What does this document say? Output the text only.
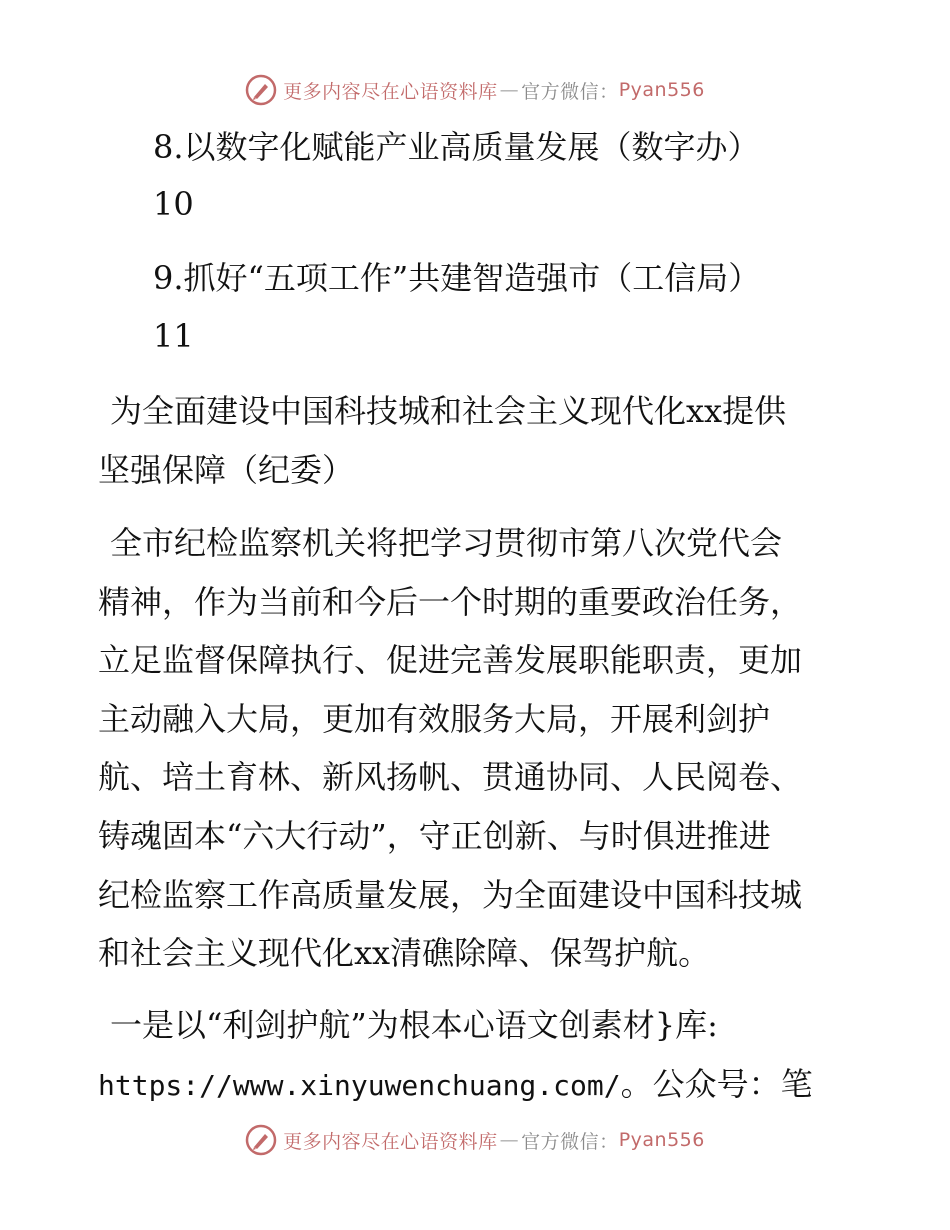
更多内容尽在心语资料库 — 官方微信： Pyan556
8.以数字化赋能产业高质量发展（数字办）
10
9.抓好“五项工作”共建智造强市（工信局）
11
为全面建设中国科技城和社会主义现代化xx提供
坚强保障（纪委）
全市纪检监察机关将把学习贯彻市第八次党代会
精神，作为当前和今后一个时期的重要政治任务，
立足监督保障执行、促进完善发展职能职责，更加
主动融入大局，更加有效服务大局，开展利剑护
航、培土育林、新风扬帆、贯通协同、人民阅卷、
铸魂固本“六大行动”，守正创新、与时俱进推进
纪检监察工作高质量发展，为全面建设中国科技城
和社会主义现代化xx清礁除障、保驾护航。
一是以“利剑护航”为根本心语文创素材}库:
https://www.xinyuwenchuang.com/。公众号：笔
更多内容尽在心语资料库 — 官方微信： Pyan556
